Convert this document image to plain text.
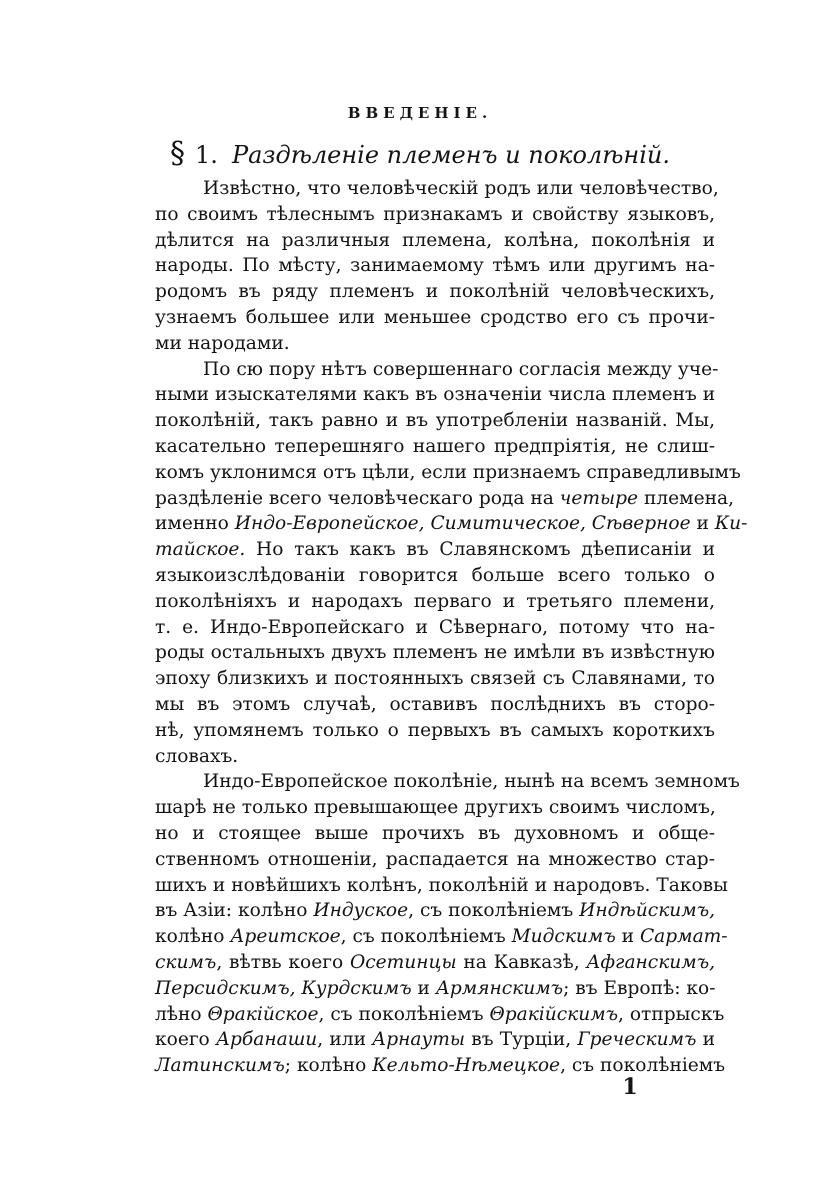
ВВЕДЕНІЕ.
§ 1. Раздѣленіе племенъ и поколѣній.
Извѣстно, что человѣческій родъ или человѣчество,
по своимъ тѣлеснымъ признакамъ и свойству языковъ,
дѣлится на различныя племена, колѣна, поколѣнія и
народы. По мѣсту, занимаемому тѣмъ или другимъ на-
родомъ въ ряду племенъ и поколѣній человѣческихъ,
узнаемъ большее или меньшее сродство его съ прочи-
ми народами.
По сю пору нѣтъ совершеннаго согласія между уче-
ными изыскателями какъ въ означеніи числа племенъ и
поколѣній, такъ равно и въ употребленіи названій. Мы,
касательно теперешняго нашего предпріятія, не слиш-
комъ уклонимся отъ цѣли, если признаемъ справедливымъ
раздѣленіе всего человѣческаго рода на четыре племена,
именно Индо-Европейское, Симитическое, Сѣверное и Ки-
тайское. Но такъ какъ въ Славянскомъ дѣеписаніи и
языкоизслѣдованіи говорится больше всего только о
поколѣніяхъ и народахъ перваго и третьяго племени,
т. е. Индо-Европейскаго и Сѣвернаго, потому что на-
роды остальныхъ двухъ племенъ не имѣли въ извѣстную
эпоху близкихъ и постоянныхъ связей съ Славянами, то
мы въ этомъ случаѣ, оставивъ послѣднихъ въ сторо-
нѣ, упомянемъ только о первыхъ въ самыхъ короткихъ
словахъ.
Индо-Европейское поколѣніе, нынѣ на всемъ земномъ
шарѣ не только превышающее другихъ своимъ числомъ,
но и стоящее выше прочихъ въ духовномъ и обще-
ственномъ отношеніи, распадается на множество стар-
шихъ и новѣйшихъ колѣнъ, поколѣній и народовъ. Таковы
въ Азіи: колѣно Индуское, съ поколѣніемъ Индѣйскимъ,
колѣно Ареитское, съ поколѣніемъ Мидскимъ и Сармат-
скимъ, вѣтвь коего Осетинцы на Кавказѣ, Афганскимъ,
Персидскимъ, Курдскимъ и Армянскимъ; въ Европѣ: ко-
лѣно Θракійское, съ поколѣніемъ Θракійскимъ, отпрыскъ
коего Арбанаши, или Арнауты въ Турціи, Греческимъ и
Латинскимъ; колѣно Кельто-Нѣмецкое, съ поколѣніемъ
1
